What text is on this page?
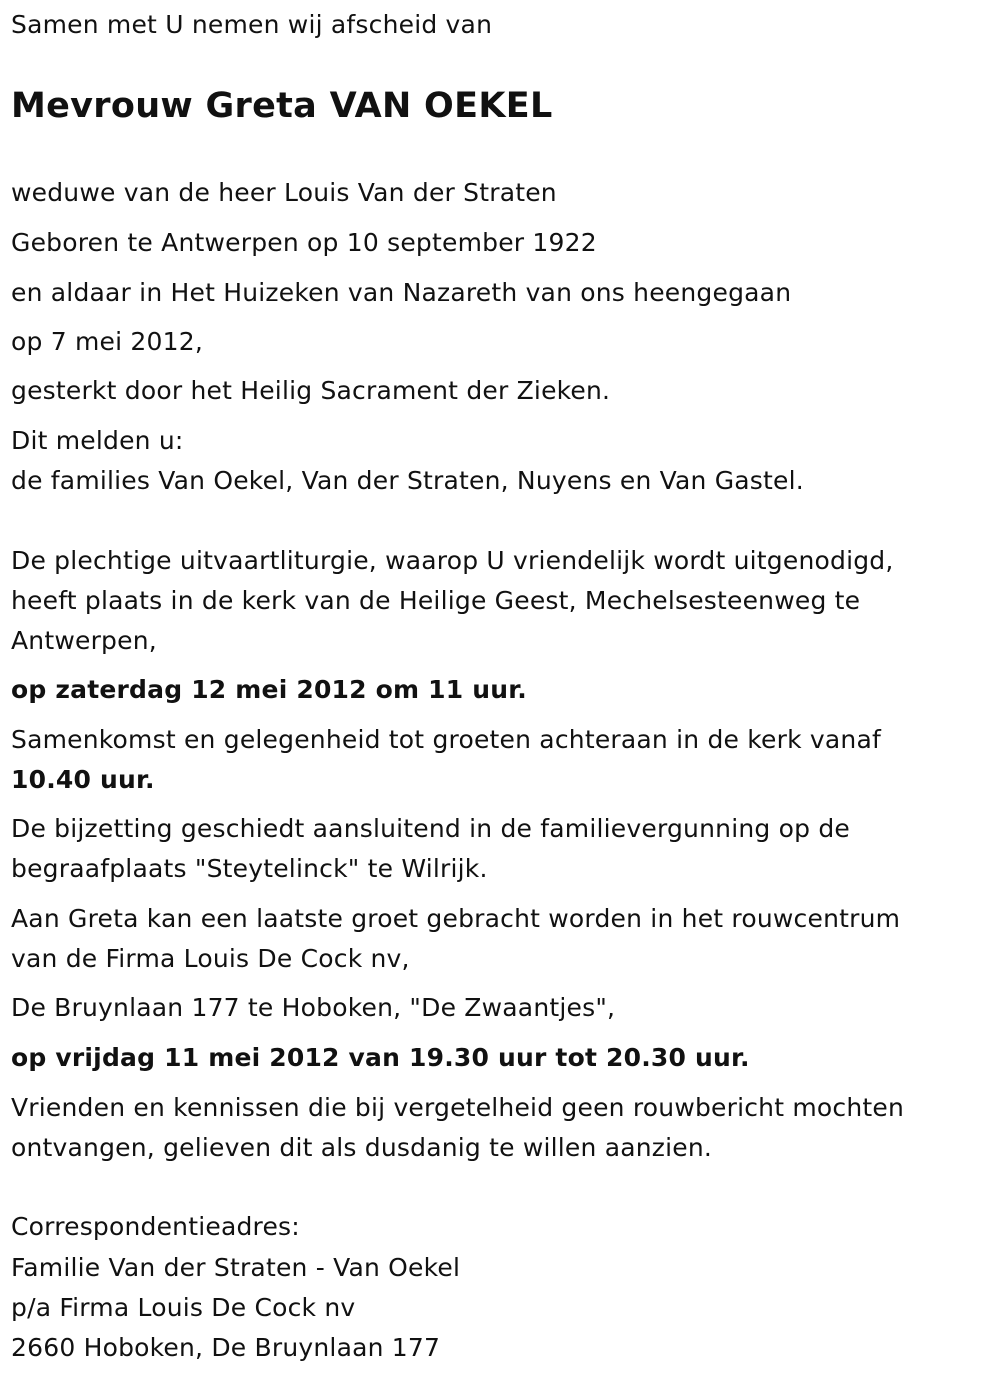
Samen met U nemen wij afscheid van
Mevrouw Greta VAN OEKEL
weduwe van de heer Louis Van der Straten
Geboren te Antwerpen op 10 september 1922
en aldaar in Het Huizeken van Nazareth van ons heengegaan
op 7 mei 2012,
gesterkt door het Heilig Sacrament der Zieken.
Dit melden u:
de families Van Oekel, Van der Straten, Nuyens en Van Gastel.
De plechtige uitvaartliturgie, waarop U vriendelijk wordt uitgenodigd,
heeft plaats in de kerk van de Heilige Geest, Mechelsesteenweg te
Antwerpen,
op zaterdag 12 mei 2012 om 11 uur.
Samenkomst en gelegenheid tot groeten achteraan in de kerk vanaf
10.40 uur.
De bijzetting geschiedt aansluitend in de familievergunning op de
begraafplaats "Steytelinck" te Wilrijk.
Aan Greta kan een laatste groet gebracht worden in het rouwcentrum
van de Firma Louis De Cock nv,
De Bruynlaan 177 te Hoboken, "De Zwaantjes",
op vrijdag 11 mei 2012 van 19.30 uur tot 20.30 uur.
Vrienden en kennissen die bij vergetelheid geen rouwbericht mochten
ontvangen, gelieven dit als dusdanig te willen aanzien.
Correspondentieadres:
Familie Van der Straten - Van Oekel
p/a Firma Louis De Cock nv
2660 Hoboken, De Bruynlaan 177
